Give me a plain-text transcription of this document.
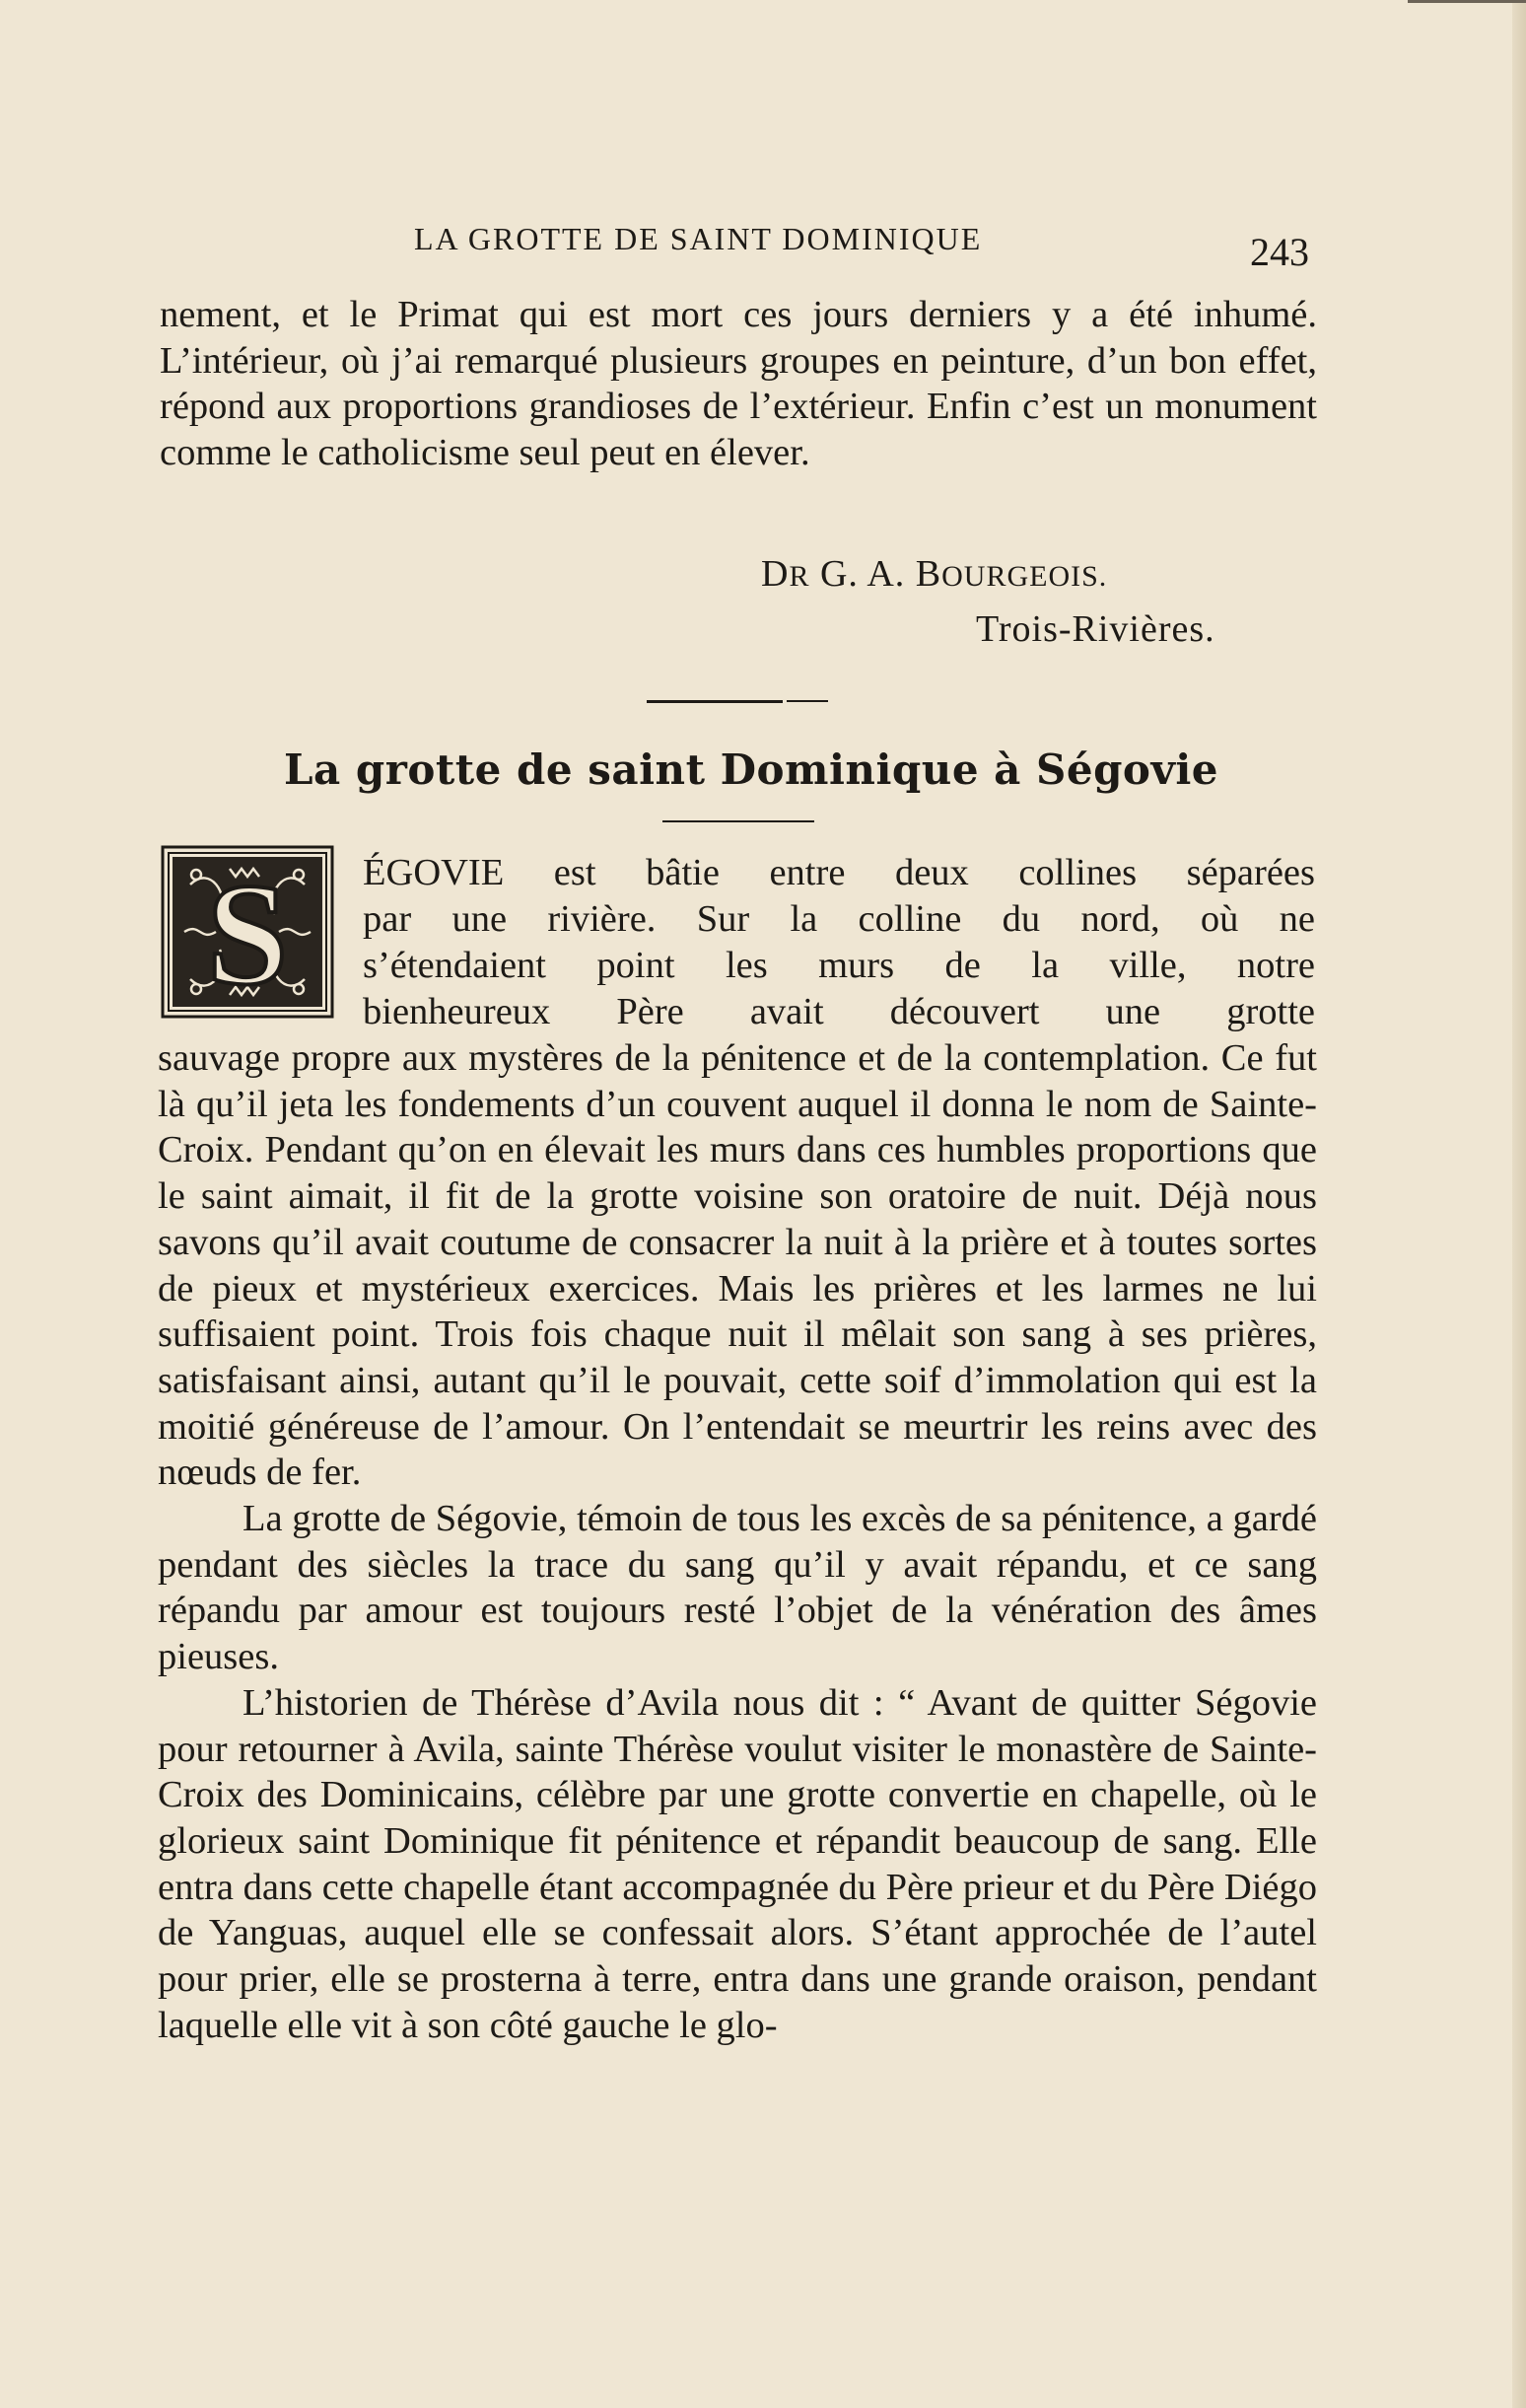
LA GROTTE DE SAINT DOMINIQUE	243

nement, et le Primat qui est mort ces jours derniers y a été inhumé. L’intérieur, où j’ai remarqué plusieurs groupes en peinture, d’un bon effet, répond aux proportions grandioses de l’extérieur. Enfin c’est un monument comme le catholicisme seul peut en élever.

DR G. A. BOURGEOIS.
Trois-Rivières.
La grotte de saint Dominique à Ségovie
S ÉGOVIE est bâtie entre deux collines séparées
par une rivière. Sur la colline du nord, où ne
s’étendaient point les murs de la ville, notre
bienheureux Père avait découvert une grotte

sauvage propre aux mystères de la pénitence et de la contemplation. Ce fut là qu’il jeta les fondements d’un couvent auquel il donna le nom de Sainte-Croix. Pendant qu’on en élevait les murs dans ces humbles proportions que le saint aimait, il fit de la grotte voisine son oratoire de nuit. Déjà nous savons qu’il avait coutume de consacrer la nuit à la prière et à toutes sortes de pieux et mystérieux exercices. Mais les prières et les larmes ne lui suffisaient point. Trois fois chaque nuit il mêlait son sang à ses prières, satisfaisant ainsi, autant qu’il le pouvait, cette soif d’immolation qui est la moitié généreuse de l’amour. On l’entendait se meurtrir les reins avec des nœuds de fer.

La grotte de Ségovie, témoin de tous les excès de sa pénitence, a gardé pendant des siècles la trace du sang qu’il y avait répandu, et ce sang répandu par amour est toujours resté l’objet de la vénération des âmes pieuses.

L’historien de Thérèse d’Avila nous dit : “ Avant de quitter Ségovie pour retourner à Avila, sainte Thérèse voulut visiter le monastère de Sainte-Croix des Dominicains, célèbre par une grotte convertie en chapelle, où le glorieux saint Dominique fit pénitence et répandit beaucoup de sang. Elle entra dans cette chapelle étant accompagnée du Père prieur et du Père Diégo de Yanguas, auquel elle se confessait alors. S’étant approchée de l’autel pour prier, elle se prosterna à terre, entra dans une grande oraison, pendant laquelle elle vit à son côté gauche le glo-
